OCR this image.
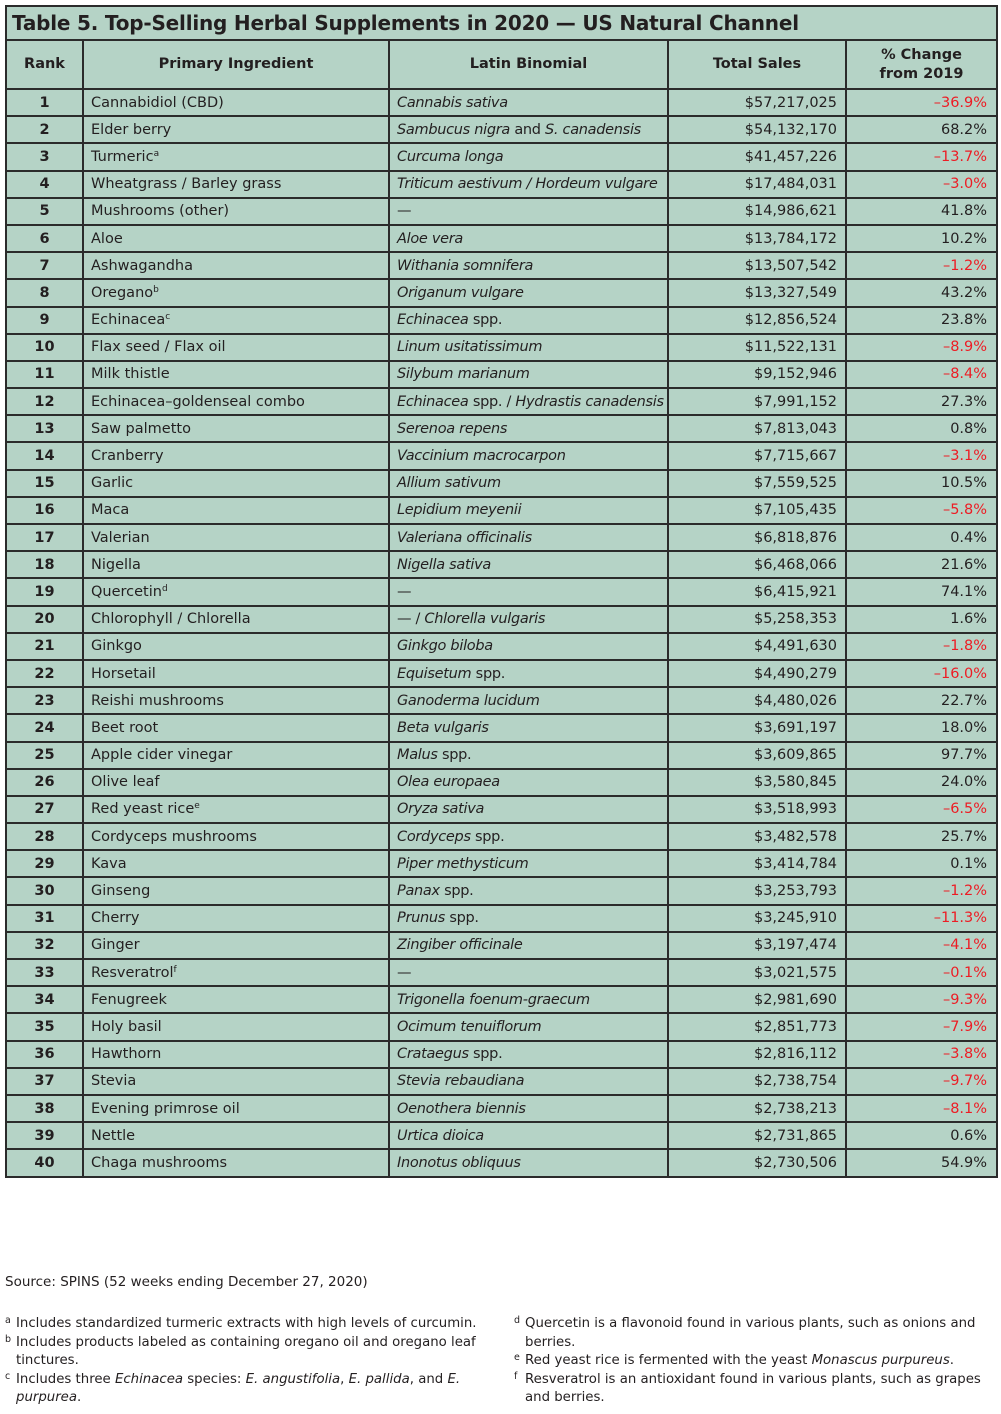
Table 5. Top-Selling Herbal Supplements in 2020 — US Natural Channel				
Rank	Primary Ingredient	Latin Binomial	Total Sales	% Change
from 2019
1	Cannabidiol (CBD)	Cannabis sativa	$57,217,025	–36.9%
2	Elder berry	Sambucus nigra and S. canadensis	$54,132,170	68.2%
3	Turmeric$^a$	Curcuma longa	$41,457,226	–13.7%
4	Wheatgrass / Barley grass	Triticum aestivum / Hordeum vulgare	$17,484,031	–3.0%
5	Mushrooms (other)	—	$14,986,621	41.8%
6	Aloe	Aloe vera	$13,784,172	10.2%
7	Ashwagandha	Withania somnifera	$13,507,542	–1.2%
8	Oregano$^b$	Origanum vulgare	$13,327,549	43.2%
9	Echinacea$^c$	Echinacea spp.	$12,856,524	23.8%
10	Flax seed / Flax oil	Linum usitatissimum	$11,522,131	–8.9%
11	Milk thistle	Silybum marianum	$9,152,946	–8.4%
12	Echinacea–goldenseal combo	Echinacea spp. / Hydrastis canadensis	$7,991,152	27.3%
13	Saw palmetto	Serenoa repens	$7,813,043	0.8%
14	Cranberry	Vaccinium macrocarpon	$7,715,667	–3.1%
15	Garlic	Allium sativum	$7,559,525	10.5%
16	Maca	Lepidium meyenii	$7,105,435	–5.8%
17	Valerian	Valeriana officinalis	$6,818,876	0.4%
18	Nigella	Nigella sativa	$6,468,066	21.6%
19	Quercetin$^d$	—	$6,415,921	74.1%
20	Chlorophyll / Chlorella	— / Chlorella vulgaris	$5,258,353	1.6%
21	Ginkgo	Ginkgo biloba	$4,491,630	–1.8%
22	Horsetail	Equisetum spp.	$4,490,279	–16.0%
23	Reishi mushrooms	Ganoderma lucidum	$4,480,026	22.7%
24	Beet root	Beta vulgaris	$3,691,197	18.0%
25	Apple cider vinegar	Malus spp.	$3,609,865	97.7%
26	Olive leaf	Olea europaea	$3,580,845	24.0%
27	Red yeast rice$^e$	Oryza sativa	$3,518,993	–6.5%
28	Cordyceps mushrooms	Cordyceps spp.	$3,482,578	25.7%
29	Kava	Piper methysticum	$3,414,784	0.1%
30	Ginseng	Panax spp.	$3,253,793	–1.2%
31	Cherry	Prunus spp.	$3,245,910	–11.3%
32	Ginger	Zingiber officinale	$3,197,474	–4.1%
33	Resveratrol$^f$	—	$3,021,575	–0.1%
34	Fenugreek	Trigonella foenum-graecum	$2,981,690	–9.3%
35	Holy basil	Ocimum tenuiflorum	$2,851,773	–7.9%
36	Hawthorn	Crataegus spp.	$2,816,112	–3.8%
37	Stevia	Stevia rebaudiana	$2,738,754	–9.7%
38	Evening primrose oil	Oenothera biennis	$2,738,213	–8.1%
39	Nettle	Urtica dioica	$2,731,865	0.6%
40	Chaga mushrooms	Inonotus obliquus	$2,730,506	54.9%
Source: SPINS (52 weeks ending December 27, 2020)
a Includes standardized turmeric extracts with high levels of curcumin.
b Includes products labeled as containing oregano oil and oregano leaf tinctures.
c Includes three Echinacea species: E. angustifolia, E. pallida, and E. purpurea.
d Quercetin is a flavonoid found in various plants, such as onions and berries.
e Red yeast rice is fermented with the yeast Monascus purpureus.
f Resveratrol is an antioxidant found in various plants, such as grapes and berries.
